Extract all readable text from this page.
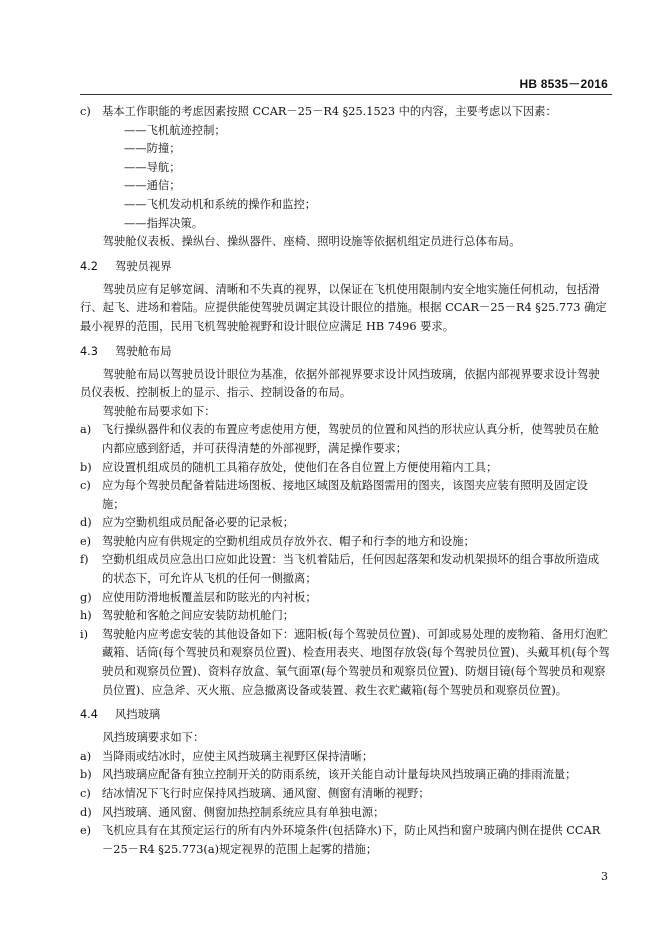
HB 8535－2016
c) 基本工作职能的考虑因素按照 CCAR－25－R4 §25.1523 中的内容，主要考虑以下因素：
——飞机航迹控制；
——防撞；
——导航；
——通信；
——飞机发动机和系统的操作和监控；
——指挥决策。
驾驶舱仪表板、操纵台、操纵器件、座椅、照明设施等依据机组定员进行总体布局。
4.2 驾驶员视界
驾驶员应有足够宽阔、清晰和不失真的视界，以保证在飞机使用限制内安全地实施任何机动，包括滑行、起飞、进场和着陆。应提供能使驾驶员调定其设计眼位的措施。根据 CCAR－25－R4 §25.773 确定最小视界的范围，民用飞机驾驶舱视野和设计眼位应满足 HB 7496 要求。
4.3 驾驶舱布局
驾驶舱布局以驾驶员设计眼位为基准，依据外部视界要求设计风挡玻璃，依据内部视界要求设计驾驶员仪表板、控制板上的显示、指示、控制设备的布局。
驾驶舱布局要求如下：
a) 飞行操纵器件和仪表的布置应考虑使用方便，驾驶员的位置和风挡的形状应认真分析，使驾驶员在舱内都应感到舒适，并可获得清楚的外部视野，满足操作要求；
b) 应设置机组成员的随机工具箱存放处，使他们在各自位置上方便使用箱内工具；
c) 应为每个驾驶员配备着陆进场图板、接地区域图及航路图需用的图夹，该图夹应装有照明及固定设施；
d) 应为空勤机组成员配备必要的记录板；
e) 驾驶舱内应有供规定的空勤机组成员存放外衣、帽子和行李的地方和设施；
f)	空勤机组成员应急出口应如此设置：当飞机着陆后，任何因起落架和发动机架损坏的组合事故所造成的状态下，可允许从飞机的任何一侧撤离；
g) 应使用防滑地板覆盖层和防眩光的内衬板；
h) 驾驶舱和客舱之间应安装防劫机舱门；
i)	驾驶舱内应考虑安装的其他设备如下：遮阳板(每个驾驶员位置)、可卸或易处理的废物箱、备用灯泡贮藏箱、话筒(每个驾驶员和观察员位置)、检查用表夹、地图存放袋(每个驾驶员位置)、头戴耳机(每个驾驶员和观察员位置)、资料存放盒、氧气面罩(每个驾驶员和观察员位置)、防烟目镜(每个驾驶员和观察员位置)、应急斧、灭火瓶、应急撤离设备或装置、救生衣贮藏箱(每个驾驶员和观察员位置)。
4.4 风挡玻璃
风挡玻璃要求如下：
a) 当降雨或结冰时，应使主风挡玻璃主视野区保持清晰；
b) 风挡玻璃应配备有独立控制开关的防雨系统，该开关能自动计量每块风挡玻璃正确的排雨流量；
c) 结冰情况下飞行时应保持风挡玻璃、通风窗、侧窗有清晰的视野；
d) 风挡玻璃、通风窗、侧窗加热控制系统应具有单独电源；
e) 飞机应具有在其预定运行的所有内外环境条件(包括降水)下，防止风挡和窗户玻璃内侧在提供 CCAR－25－R4 §25.773(a)规定视界的范围上起雾的措施；
3
